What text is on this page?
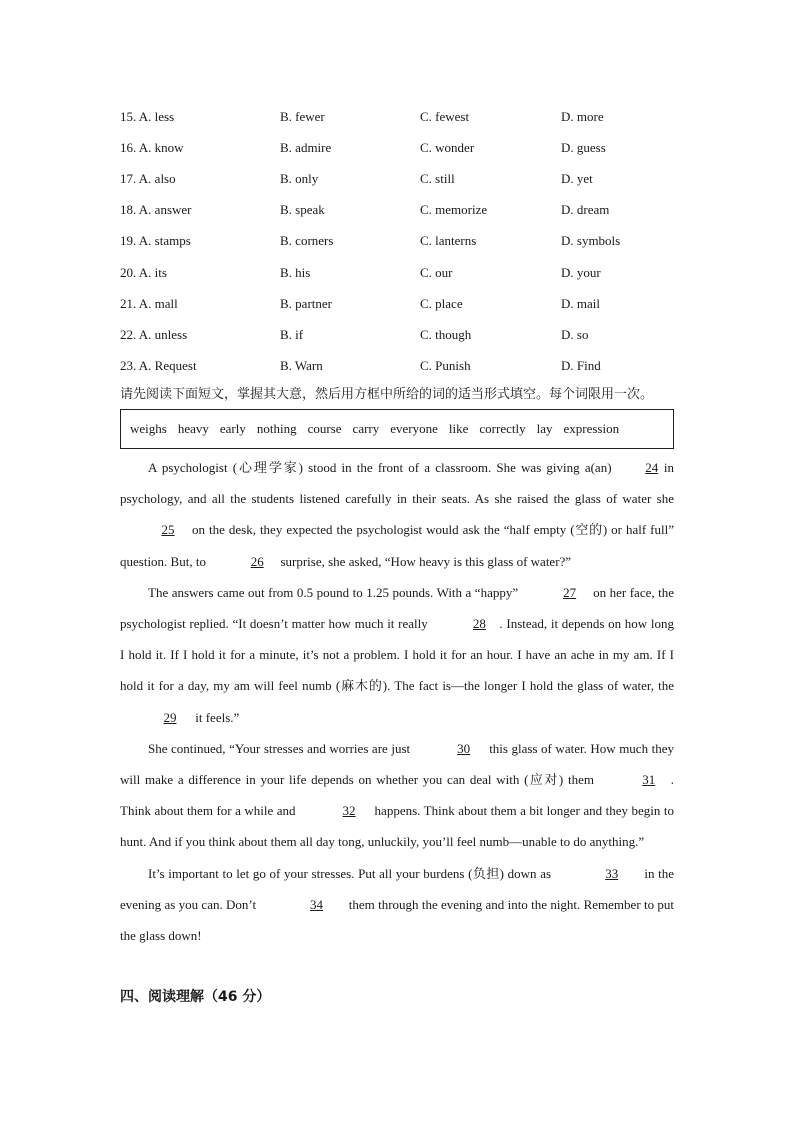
15. A. less	B. fewer	C. fewest	D. more
16. A. know	B. admire	C. wonder	D. guess
17. A. also	B. only	C. still	D. yet
18. A. answer	B. speak	C. memorize	D. dream
19. A. stamps	B. corners	C. lanterns	D. symbols
20. A. its	B. his	C. our	D. your
21. A. mall	B. partner	C. place	D. mail
22. A. unless	B. if	C. though	D. so
23. A. Request	B. Warn	C. Punish	D. Find
请先阅读下面短文，掌握其大意，然后用方框中所给的词的适当形式填空。每个词限用一次。
weighs heavy early nothing course carry everyone like correctly lay expression

A psychologist (心理学家) stood in the front of a classroom. She was giving a(an) 24 in psychology, and all the students listened carefully in their seats. As she raised the glass of water she 25 on the desk, they expected the psychologist would ask the “half empty (空的) or half full” question. But, to	26 surprise, she asked, “How heavy is this glass of water?”

The answers came out from 0.5 pound to 1.25 pounds. With a “happy”	27 on her face, the psychologist replied. “It doesn’t matter how much it really	28 . Instead, it depends on how long I hold it. If I hold it for a minute, it’s not a problem. I hold it for an hour. I have an ache in my am. If I hold it for a day, my am will feel numb (麻木的). The fact is—the longer I hold the glass of water, the 29 it feels.”

She continued, “Your stresses and worries are just	30 this glass of water. How much they will make a difference in your life depends on whether you can deal with (应对) them	31 . Think about them for a while and	32 happens. Think about them a bit longer and they begin to hunt. And if you think about them all day tong, unluckily, you’ll feel numb—unable to do anything.”

It’s important to let go of your stresses. Put all your burdens (负担) down as	33 in the evening as you can. Don’t	34 them through the evening and into the night. Remember to put the glass down!

四、阅读理解（46 分）
